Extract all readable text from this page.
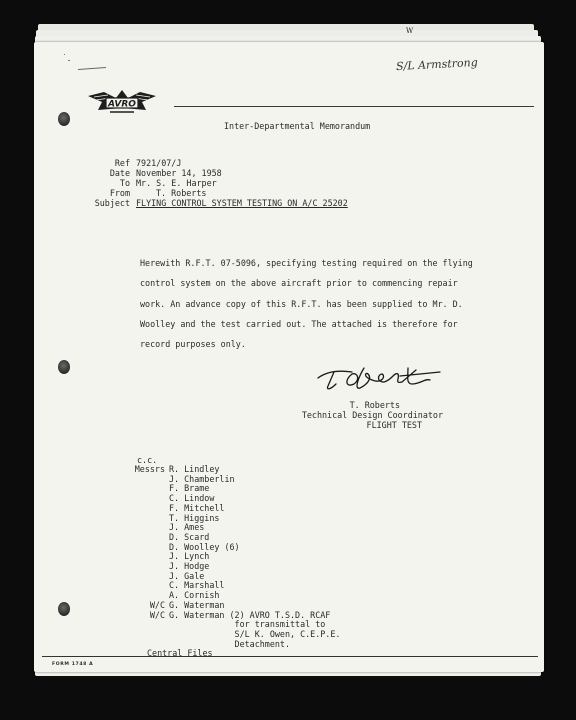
W
S/L Armstrong
AVRO
Inter-Departmental Memorandum
Ref 7921/07/J
Date November 14, 1958
To Mr. S. E. Harper
From	T. Roberts
Subject FLYING CONTROL SYSTEM TESTING ON A/C 25202
Herewith R.F.T. 07-5096, specifying testing required on the flying
control system on the above aircraft prior to commencing repair
work. An advance copy of this R.F.T. has been supplied to Mr. D.
Woolley and the test carried out. The attached is therefore for
record purposes only.
T. Roberts
T. Roberts
Technical Design Coordinator
FLIGHT TEST
c.c.
Messrs R. Lindley
J. Chamberlin
F. Brame
C. Lindow
F. Mitchell
T. Higgins
J. Ames
D. Scard
D. Woolley (6)
J. Lynch
J. Hodge
J. Gale
C. Marshall
A. Cornish
W/C G. Waterman
W/C G. Waterman (2) AVRO T.S.D. RCAF
for transmittal to
S/L K. Owen, C.E.P.E.
Detachment.
Central Files
FORM 1748 A
